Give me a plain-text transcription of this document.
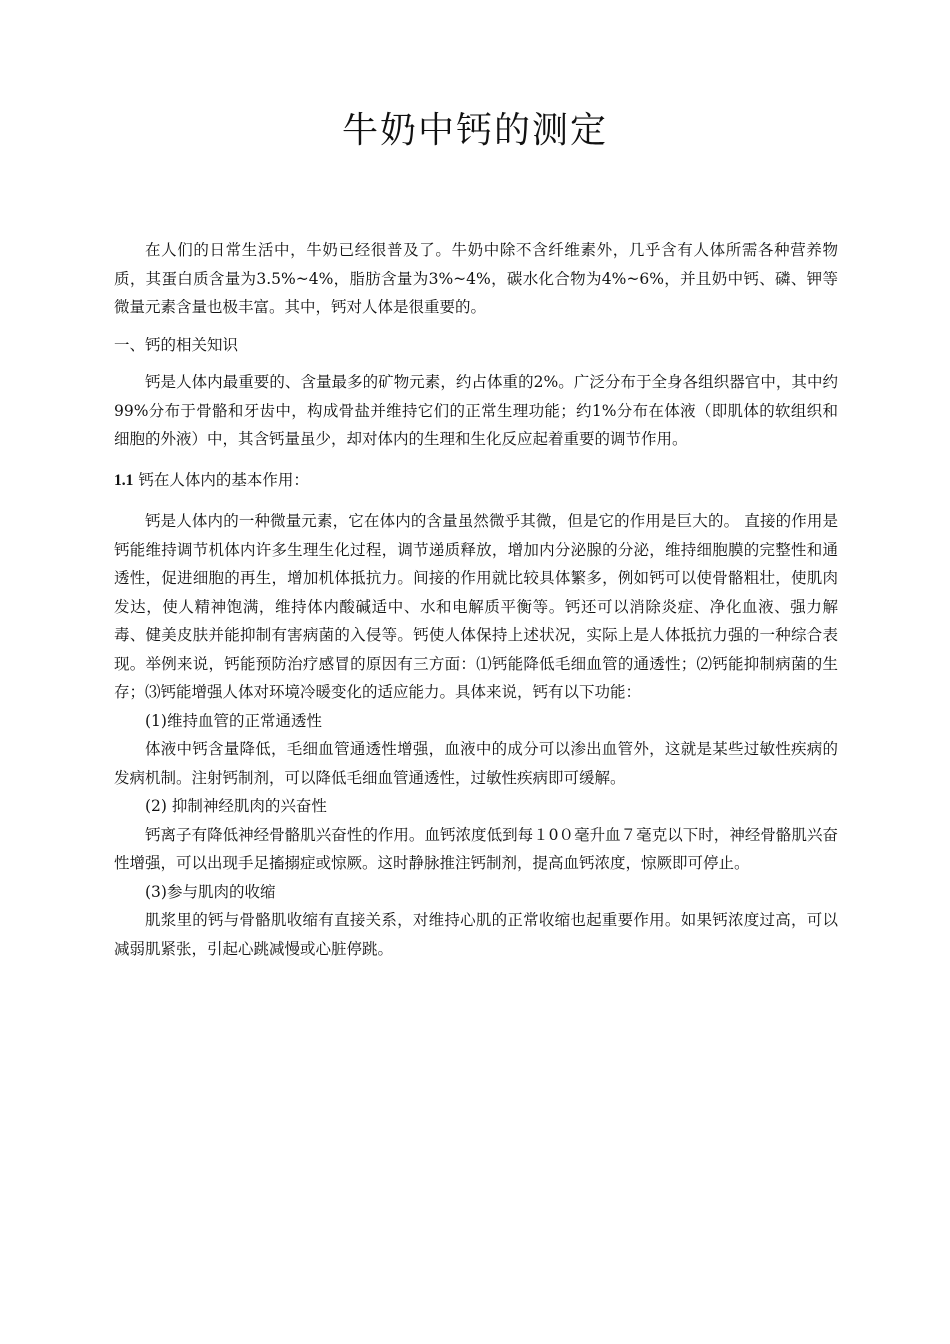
牛奶中钙的测定

在人们的日常生活中，牛奶已经很普及了。牛奶中除不含纤维素外，几乎含有人体所需各种营养物质，其蛋白质含量为3.5%~4%，脂肪含量为3%~4%，碳水化合物为4%~6%，并且奶中钙、磷、钾等微量元素含量也极丰富。其中，钙对人体是很重要的。

一、钙的相关知识

钙是人体内最重要的、含量最多的矿物元素，约占体重的2%。广泛分布于全身各组织器官中，其中约99%分布于骨骼和牙齿中，构成骨盐并维持它们的正常生理功能；约1%分布在体液（即肌体的软组织和细胞的外液）中，其含钙量虽少，却对体内的生理和生化反应起着重要的调节作用。

1.1 钙在人体内的基本作用：

钙是人体内的一种微量元素，它在体内的含量虽然微乎其微，但是它的作用是巨大的。 直接的作用是钙能维持调节机体内许多生理生化过程，调节递质释放，增加内分泌腺的分泌，维持细胞膜的完整性和通透性，促进细胞的再生，增加机体抵抗力。间接的作用就比较具体繁多，例如钙可以使骨骼粗壮，使肌肉发达，使人精神饱满，维持体内酸碱适中、水和电解质平衡等。钙还可以消除炎症、净化血液、强力解毒、健美皮肤并能抑制有害病菌的入侵等。钙使人体保持上述状况，实际上是人体抵抗力强的一种综合表现。举例来说，钙能预防治疗感冒的原因有三方面：⑴钙能降低毛细血管的通透性；⑵钙能抑制病菌的生存；⑶钙能增强人体对环境冷暖变化的适应能力。具体来说，钙有以下功能：

(1)维持血管的正常通透性

体液中钙含量降低，毛细血管通透性增强，血液中的成分可以渗出血管外，这就是某些过敏性疾病的发病机制。注射钙制剂，可以降低毛细血管通透性，过敏性疾病即可缓解。

(2) 抑制神经肌肉的兴奋性

钙离子有降低神经骨骼肌兴奋性的作用。血钙浓度低到每１0０毫升血７毫克以下时，神经骨骼肌兴奋性增强，可以出现手足搐搦症或惊厥。这时静脉推注钙制剂，提高血钙浓度，惊厥即可停止。

(3)参与肌肉的收缩

肌浆里的钙与骨骼肌收缩有直接关系，对维持心肌的正常收缩也起重要作用。如果钙浓度过高，可以减弱肌紧张，引起心跳减慢或心脏停跳。
